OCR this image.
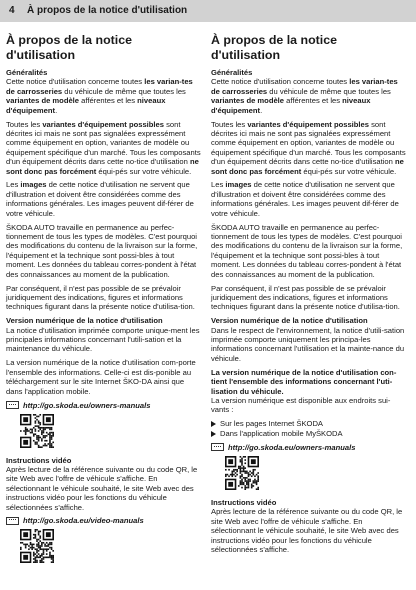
4 À propos de la notice d'utilisation
À propos de la notice d'utilisation
Généralités

Cette notice d'utilisation concerne toutes les varian-tes de carrosseries du véhicule de même que toutes les variantes de modèle afférentes et les niveaux d'équipement.

Toutes les variantes d'équipement possibles sont décrites ici mais ne sont pas signalées expressément comme équipement en option, variantes de modèle ou équipement spécifique d'un marché. Tous les composants d'un équipement décrits dans cette no-tice d'utilisation ne sont donc pas forcément équi-pés sur votre véhicule.

Les images de cette notice d'utilisation ne servent que d'illustration et doivent être considérées comme des informations générales. Les images peuvent dif-férer de votre véhicule.

ŠKODA AUTO travaille en permanence au perfec-tionnement de tous les types de modèles. C'est pourquoi des modifications du contenu de la livraison sur la forme, l'équipement et la technique sont possi-bles à tout moment. Les données du tableau corres-pondent à l'état des connaissances au moment de la publication.

Par conséquent, il n'est pas possible de se prévaloir juridiquement des indications, figures et informations techniques figurant dans la présente notice d'utilisa-tion.

Version numérique de la notice d'utilisation

La notice d'utilisation imprimée comporte unique-ment les principales informations concernant l'utili-sation et la maintenance du véhicule.

La version numérique de la notice d'utilisation com-porte l'ensemble des informations. Celle-ci est dis-ponible au téléchargement sur le site Internet ŠKO-DA ainsi que dans l'application mobile.

http://go.skoda.eu/owners-manuals
Instructions vidéo

Après lecture de la référence suivante ou du code QR, le site Web avec l'offre de véhicule s'affiche. En sélectionnant le véhicule souhaité, le site Web avec des instructions vidéo pour les fonctions du véhicule sélectionnées s'affiche.

http://go.skoda.eu/video-manuals
À propos de la notice d'utilisation
Généralités

Cette notice d'utilisation concerne toutes les varian-tes de carrosseries du véhicule de même que toutes les variantes de modèle afférentes et les niveaux d'équipement.

Toutes les variantes d'équipement possibles sont décrites ici mais ne sont pas signalées expressément comme équipement en option, variantes de modèle ou équipement spécifique d'un marché. Tous les composants d'un équipement décrits dans cette no-tice d'utilisation ne sont donc pas forcément équi-pés sur votre véhicule.

Les images de cette notice d'utilisation ne servent que d'illustration et doivent être considérées comme des informations générales. Les images peuvent dif-férer de votre véhicule.

ŠKODA AUTO travaille en permanence au perfec-tionnement de tous les types de modèles. C'est pourquoi des modifications du contenu de la livraison sur la forme, l'équipement et la technique sont possi-bles à tout moment. Les données du tableau corres-pondent à l'état des connaissances au moment de la publication.

Par conséquent, il n'est pas possible de se prévaloir juridiquement des indications, figures et informations techniques figurant dans la présente notice d'utilisa-tion.

Version numérique de la notice d'utilisation

Dans le respect de l'environnement, la notice d'utili-sation imprimée comporte uniquement les principa-les informations concernant l'utilisation et la mainte-nance du véhicule.

La version numérique de la notice d'utilisation con-tient l'ensemble des informations concernant l'uti-lisation du véhicule.

La version numérique est disponible aux endroits sui-vants :

Sur les pages Internet ŠKODA
Dans l'application mobile MyŠKODA
http://go.skoda.eu/owners-manuals
Instructions vidéo

Après lecture de la référence suivante ou du code QR, le site Web avec l'offre de véhicule s'affiche. En sélectionnant le véhicule souhaité, le site Web avec des instructions vidéo pour les fonctions du véhicule sélectionnées s'affiche.
